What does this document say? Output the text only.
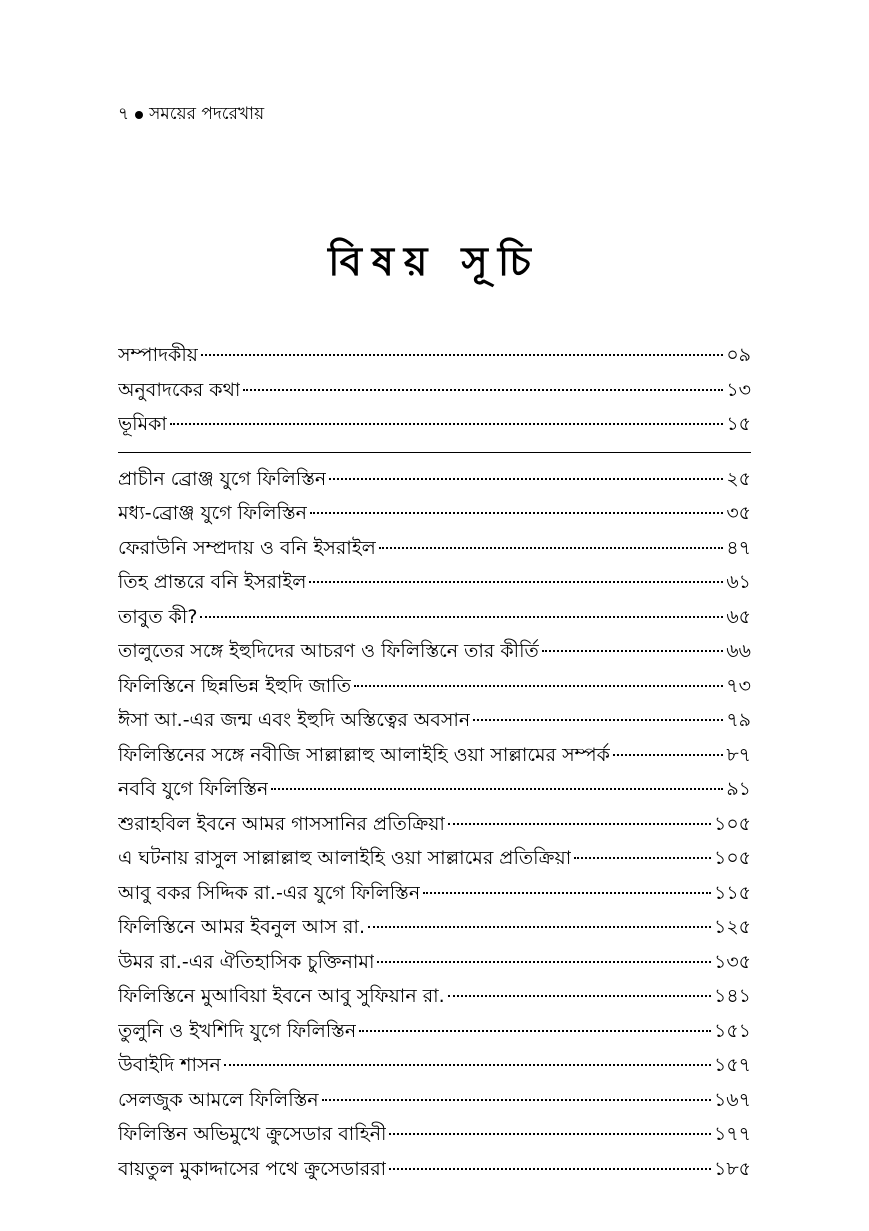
৭ সময়ের পদরেখায়
বিষয় সূচি
সম্পাদকীয়	০৯
অনুবাদকের কথা	১৩
ভূমিকা	১৫
প্রাচীন ব্রোঞ্জ যুগে ফিলিস্তিন	২৫
মধ্য-ব্রোঞ্জ যুগে ফিলিস্তিন	৩৫
ফেরাউনি সম্প্রদায় ও বনি ইসরাইল	৪৭
তিহ প্রান্তরে বনি ইসরাইল	৬১
তাবুত কী?	৬৫
তালুতের সঙ্গে ইহুদিদের আচরণ ও ফিলিস্তিনে তার কীর্তি	৬৬
ফিলিস্তিনে ছিন্নভিন্ন ইহুদি জাতি	৭৩
ঈসা আ.-এর জন্ম এবং ইহুদি অস্তিত্বের অবসান	৭৯
ফিলিস্তিনের সঙ্গে নবীজি সাল্লাল্লাহু আলাইহি ওয়া সাল্লামের সম্পর্ক	৮৭
নববি যুগে ফিলিস্তিন	৯১
শুরাহবিল ইবনে আমর গাসসানির প্রতিক্রিয়া	১০৫
এ ঘটনায় রাসুল সাল্লাল্লাহু আলাইহি ওয়া সাল্লামের প্রতিক্রিয়া	১০৫
আবু বকর সিদ্দিক রা.-এর যুগে ফিলিস্তিন	১১৫
ফিলিস্তিনে আমর ইবনুল আস রা.	১২৫
উমর রা.-এর ঐতিহাসিক চুক্তিনামা	১৩৫
ফিলিস্তিনে মুআবিয়া ইবনে আবু সুফিয়ান রা.	১৪১
তুলুনি ও ইখশিদি যুগে ফিলিস্তিন	১৫১
উবাইদি শাসন	১৫৭
সেলজুক আমলে ফিলিস্তিন	১৬৭
ফিলিস্তিন অভিমুখে ক্রুসেডার বাহিনী	১৭৭
বায়তুল মুকাদ্দাসের পথে ক্রুসেডাররা	১৮৫
